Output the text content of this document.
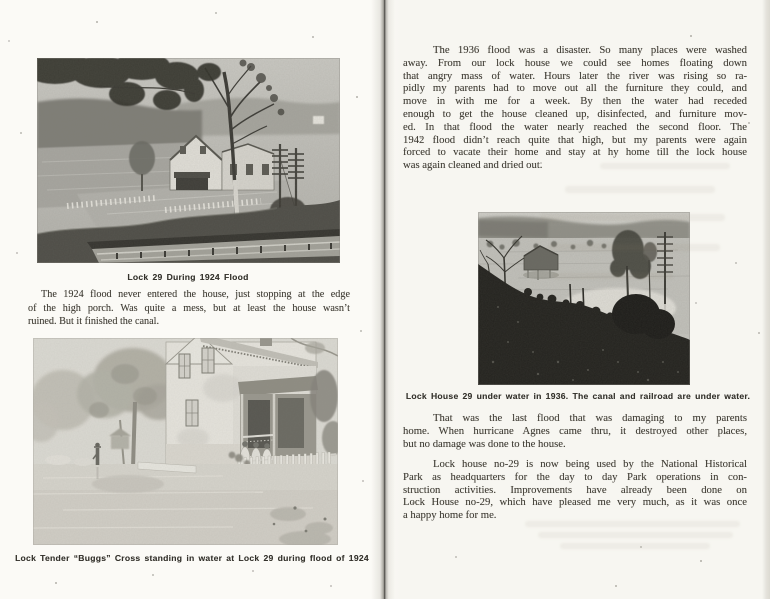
Lock 29 During 1924 Flood
The 1924 flood never entered the house, just stopping at the edge
of the high porch. Was quite a mess, but at least the house wasn’t
ruined. But it finished the canal.
Lock Tender “Buggs” Cross standing in water at Lock 29 during flood of 1924
The 1936 flood was a disaster. So many places were washed
away. From our lock house we could see homes floating down
that angry mass of water. Hours later the river was rising so ra-
pidly my parents had to move out all the furniture they could, and
move in with me for a week. By then the water had receded
enough to get the house cleaned up, disinfected, and furniture mov-
ed. In that flood the water nearly reached the second floor. The
1942 flood didn’t reach quite that high, but my parents were again
forced to vacate their home and stay at hy home till the lock house
was again cleaned and dried out.
Lock House 29 under water in 1936. The canal and railroad are under water.
That was the last flood that was damaging to my parents
home. When hurricane Agnes came thru, it destroyed other places,
but no damage was done to the house.
Lock house no-29 is now being used by the National Historical
Park as headquarters for the day to day Park operations in con-
struction activities. Improvements have already been done on
Lock House no-29, which have pleased me very much, as it was once
a happy home for me.
